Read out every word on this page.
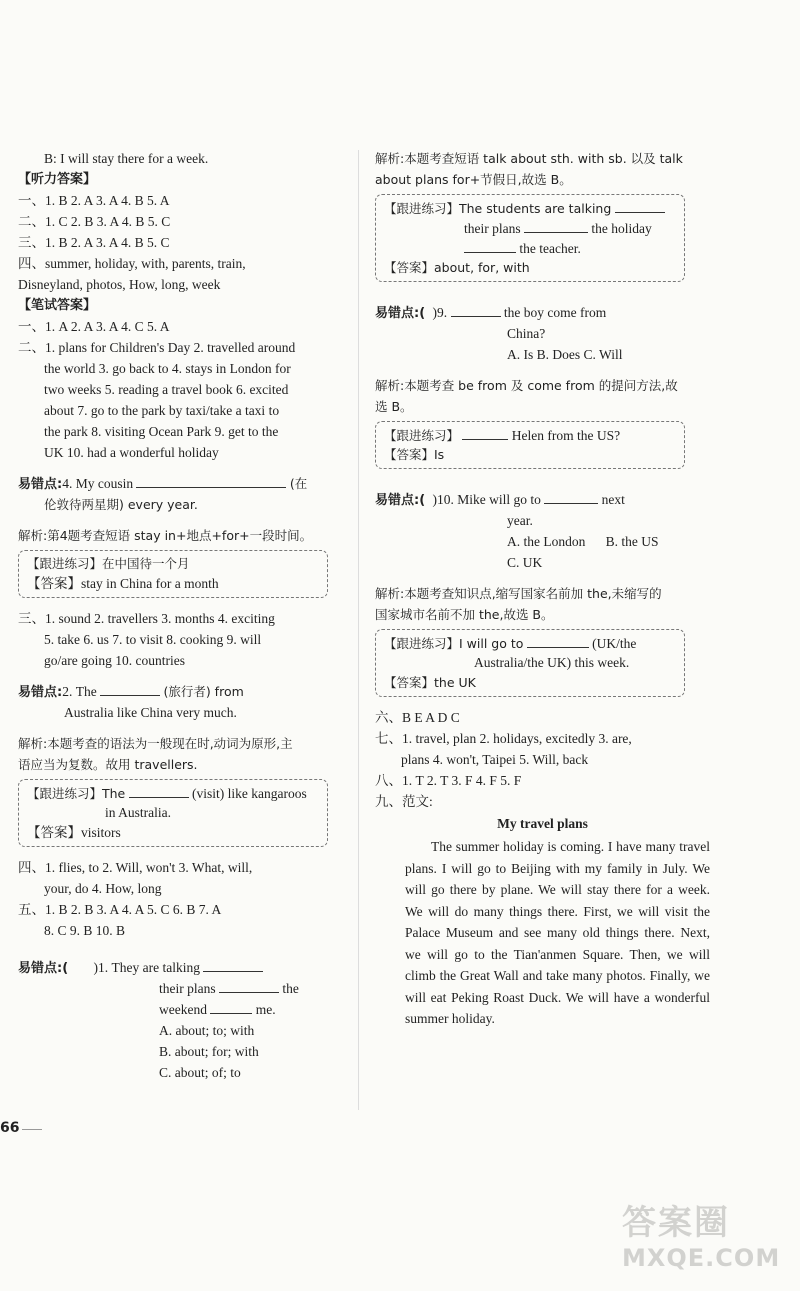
B: I will stay there for a week.
【听力答案】
一、1. B 2. A 3. A 4. B 5. A
二、1. C 2. B 3. A 4. B 5. C
三、1. B 2. A 3. A 4. B 5. C
四、summer, holiday, with, parents, train,
Disneyland, photos, How, long, week
【笔试答案】
一、1. A 2. A 3. A 4. C 5. A
二、1. plans for Children's Day 2. travelled around
the world 3. go back to 4. stays in London for
two weeks 5. reading a travel book 6. excited
about 7. go to the park by taxi/take a taxi to
the park 8. visiting Ocean Park 9. get to the
UK 10. had a wonderful holiday
易错点:4. My cousin	(在
伦敦待两星期) every year.
解析:第4题考查短语 stay in+地点+for+一段时间。
【跟进练习】在中国待一个月
【答案】stay in China for a month
三、1. sound 2. travellers 3. months 4. exciting
5. take 6. us 7. to visit 8. cooking 9. will
go/are going 10. countries
易错点:2. The	(旅行者) from
Australia like China very much.
解析:本题考查的语法为一般现在时,动词为原形,主
语应当为复数。故用 travellers.
【跟进练习】The	(visit) like kangaroos
in Australia.
【答案】visitors
四、1. flies, to 2. Will, won't 3. What, will,
your, do 4. How, long
五、1. B 2. B 3. A 4. A 5. C 6. B 7. A
8. C 9. B 10. B
易错点:( )1. They are talking
their plans	the
weekend	me.
A. about; to; with
B. about; for; with
C. about; of; to
解析:本题考查短语 talk about sth. with sb. 以及 talk
about plans for+节假日,故选 B。
【跟进练习】The students are talking
their plans	the holiday
the teacher.
【答案】about, for, with
易错点:( )9.	the boy come from
China?
A. Is B. Does C. Will
解析:本题考查 be from 及 come from 的提问方法,故
选 B。
【跟进练习】	Helen from the US?
【答案】Is
易错点:( )10. Mike will go to	next
year.
A. the London      B. the US
C. UK
解析:本题考查知识点,缩写国家名前加 the,未缩写的
国家城市名前不加 the,故选 B。
【跟进练习】I will go to	(UK/the
Australia/the UK) this week.
【答案】the UK
六、B E A D C
七、1. travel, plan 2. holidays, excitedly 3. are,
plans 4. won't, Taipei 5. Will, back
八、1. T 2. T 3. F 4. F 5. F
九、范文:
My travel plans
The summer holiday is coming. I have many travel plans. I will go to Beijing with my family in July. We will go there by plane. We will stay there for a week. We will do many things there. First, we will visit the Palace Museum and see many old things there. Next, we will go to the Tian'anmen Square. Then, we will climb the Great Wall and take many photos. Finally, we will eat Peking Roast Duck. We will have a wonderful summer holiday.
66
答案圈
MXQE.COM
